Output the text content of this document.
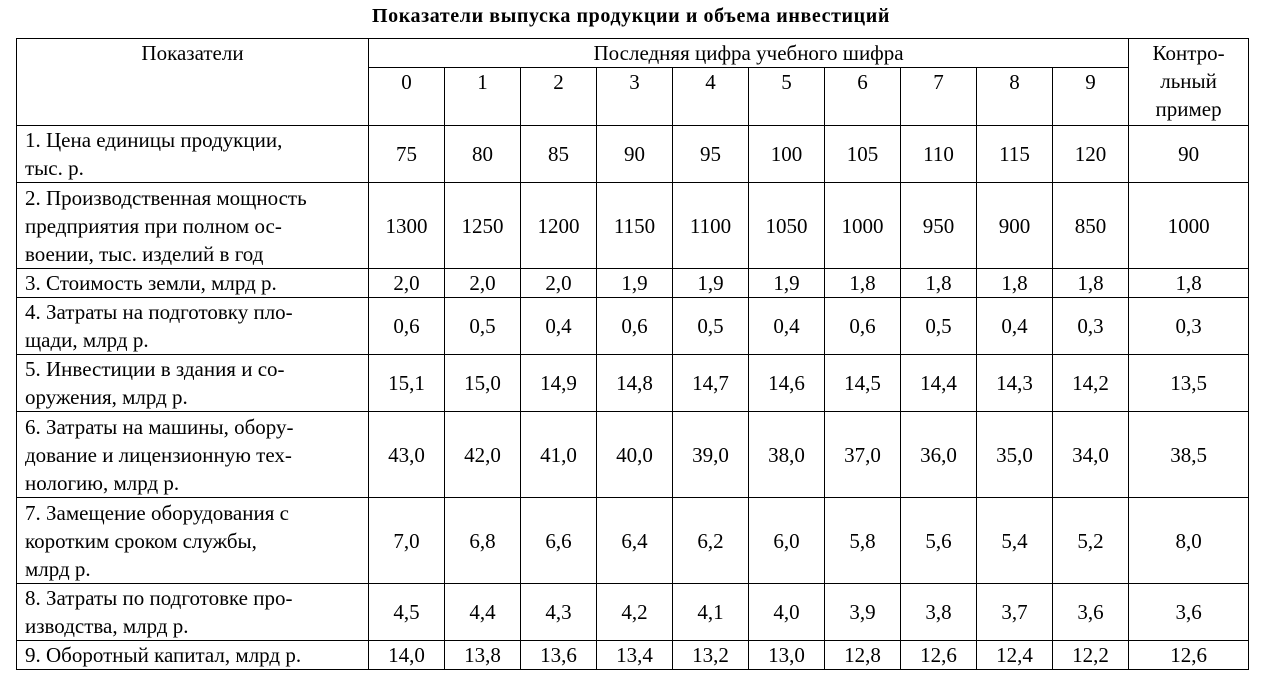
Показатели выпуска продукции и объема инвестиций
Показатели	Последняя цифра учебного шифра										Контро-
льный
пример

	0	1	2	3	4	5	6	7	8	9	

1. Цена единицы продукции,
тыс. р.	75	80	85	90	95	100	105	110	115	120	90

2. Производственная мощность
предприятия при полном ос-
воении, тыс. изделий в год	1300	1250	1200	1150	1100	1050	1000	950	900	850	1000

3. Стоимость земли, млрд р.	2,0	2,0	2,0	1,9	1,9	1,9	1,8	1,8	1,8	1,8	1,8

4. Затраты на подготовку пло-
щади, млрд р.	0,6	0,5	0,4	0,6	0,5	0,4	0,6	0,5	0,4	0,3	0,3

5. Инвестиции в здания и со-
оружения, млрд р.	15,1	15,0	14,9	14,8	14,7	14,6	14,5	14,4	14,3	14,2	13,5

6. Затраты на машины, обору-
дование и лицензионную тех-
нологию, млрд р.	43,0	42,0	41,0	40,0	39,0	38,0	37,0	36,0	35,0	34,0	38,5

7. Замещение оборудования с
коротким сроком службы,
млрд р.	7,0	6,8	6,6	6,4	6,2	6,0	5,8	5,6	5,4	5,2	8,0

8. Затраты по подготовке про-
изводства, млрд р.	4,5	4,4	4,3	4,2	4,1	4,0	3,9	3,8	3,7	3,6	3,6

9. Оборотный капитал, млрд р.	14,0	13,8	13,6	13,4	13,2	13,0	12,8	12,6	12,4	12,2	12,6
